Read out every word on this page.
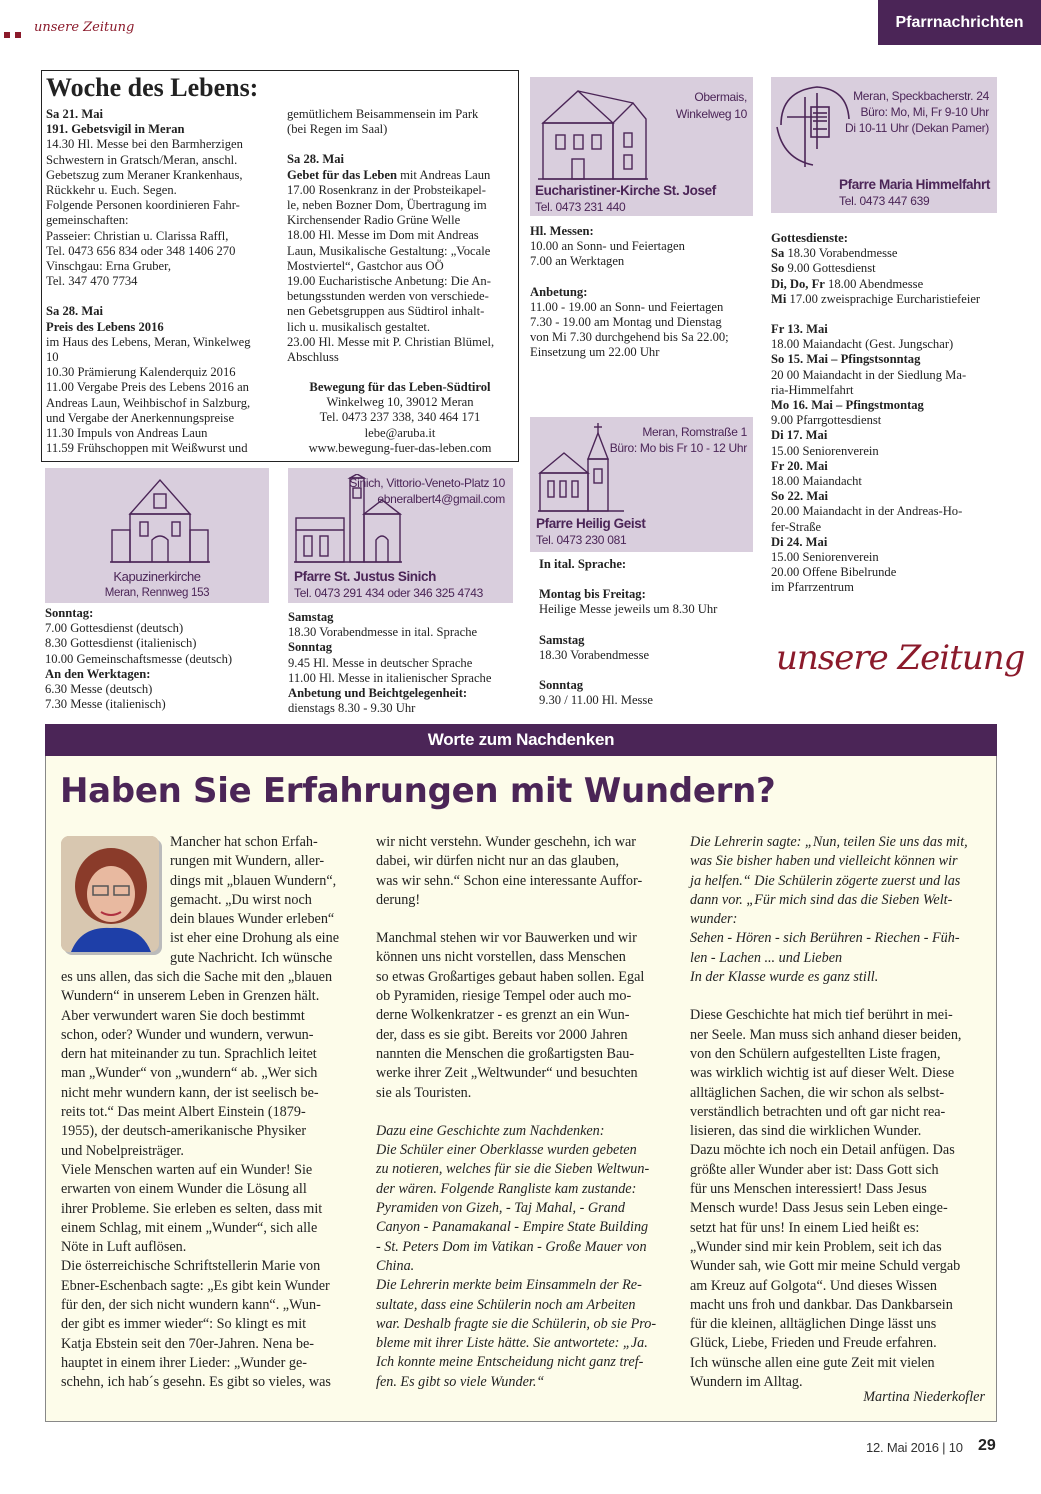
unsere Zeitung	Pfarrnachrichten
Woche des Lebens:

Sa 21. Mai

191. Gebetsvigil in Meran

14.30 Hl. Messe bei den Barmherzigen

Schwestern in Gratsch/Meran, anschl.

Gebetszug zum Meraner Krankenhaus,

Rückkehr u. Euch. Segen.

Folgende Personen koordinieren Fahr-

gemeinschaften:

Passeier: Christian u. Clarissa Raffl,

Tel. 0473 656 834 oder 348 1406 270

Vinschgau: Erna Gruber,

Tel. 347 470 7734

Sa 28. Mai

Preis des Lebens 2016

im Haus des Lebens, Meran, Winkelweg

10

10.30 Prämierung Kalenderquiz 2016

11.00 Vergabe Preis des Lebens 2016 an

Andreas Laun, Weihbischof in Salzburg,

und Vergabe der Anerkennungspreise

11.30 Impuls von Andreas Laun

11.59 Frühschoppen mit Weißwurst und

gemütlichem Beisammensein im Park

(bei Regen im Saal)

Sa 28. Mai

Gebet für das Leben mit Andreas Laun

17.00 Rosenkranz in der Probsteikapel-

le, neben Bozner Dom, Übertragung im

Kirchensender Radio Grüne Welle

18.00 Hl. Messe im Dom mit Andreas

Laun, Musikalische Gestaltung: „Vocale

Mostviertel“, Gastchor aus OÖ

19.00 Eucharistische Anbetung: Die An-

betungsstunden werden von verschiede-

nen Gebetsgruppen aus Südtirol inhalt-

lich u. musikalisch gestaltet.

23.00 Hl. Messe mit P. Christian Blümel,

Abschluss

Bewegung für das Leben-Südtirol

Winkelweg 10, 39012 Meran

Tel. 0473 237 338, 340 464 171

lebe@aruba.it

www.bewegung-fuer-das-leben.com

Obermais,
Winkelweg 10
Eucharistiner-Kirche St. Josef
Tel. 0473 231 440

Hl. Messen:

10.00 an Sonn- und Feiertagen

7.00 an Werktagen

Anbetung:

11.00 - 19.00 an Sonn- und Feiertagen

7.30 - 19.00 am Montag und Dienstag

von Mi 7.30 durchgehend bis Sa 22.00;

Einsetzung um 22.00 Uhr

Meran, Speckbacherstr. 24
Büro: Mo, Mi, Fr 9-10 Uhr
Di 10-11 Uhr (Dekan Pamer)
Pfarre Maria Himmelfahrt
Tel. 0473 447 639

Gottesdienste:

Sa 18.30 Vorabendmesse

So 9.00 Gottesdienst

Di, Do, Fr 18.00 Abendmesse

Mi 17.00 zweisprachige Eurcharistiefeier

Fr 13. Mai

18.00 Maiandacht (Gest. Jungschar)

So 15. Mai – Pfingstsonntag

20 00 Maiandacht in der Siedlung Ma-

ria-Himmelfahrt

Mo 16. Mai – Pfingstmontag

9.00 Pfarrgottesdienst

Di 17. Mai

15.00 Seniorenverein

Fr 20. Mai

18.00 Maiandacht

So 22. Mai

20.00 Maiandacht in der Andreas-Ho-

fer-Straße

Di 24. Mai

15.00 Seniorenverein

20.00 Offene Bibelrunde

im Pfarrzentrum

unsere Zeitung
Kapuzinerkirche
Meran, Rennweg 153

Sonntag:

7.00 Gottesdienst (deutsch)

8.30 Gottesdienst (italienisch)

10.00 Gemeinschaftsmesse (deutsch)

An den Werktagen:

6.30 Messe (deutsch)

7.30 Messe (italienisch)

Sinich, Vittorio-Veneto-Platz 10
ebneralbert4@gmail.com
Pfarre St. Justus Sinich
Tel. 0473 291 434 oder 346 325 4743

Samstag

18.30 Vorabendmesse in ital. Sprache

Sonntag

9.45 Hl. Messe in deutscher Sprache

11.00 Hl. Messe in italienischer Sprache

Anbetung und Beichtgelegenheit:

dienstags 8.30 - 9.30 Uhr

Meran, Romstraße 1
Büro: Mo bis Fr 10 - 12 Uhr
Pfarre Heilig Geist
Tel. 0473 230 081

In ital. Sprache:

Montag bis Freitag:

Heilige Messe jeweils um 8.30 Uhr

Samstag

18.30 Vorabendmesse

Sonntag

9.30 / 11.00 Hl. Messe

Worte zum Nachdenken
Haben Sie Erfahrungen mit Wundern?

Mancher hat schon Erfah-

rungen mit Wundern, aller-

dings mit „blauen Wundern“,

gemacht. „Du wirst noch

dein blaues Wunder erleben“

ist eher eine Drohung als eine

gute Nachricht. Ich wünsche

es uns allen, das sich die Sache mit den „blauen

Wundern“ in unserem Leben in Grenzen hält.

Aber verwundert waren Sie doch bestimmt

schon, oder? Wunder und wundern, verwun-

dern hat miteinander zu tun. Sprachlich leitet

man „Wunder“ von „wundern“ ab. „Wer sich

nicht mehr wundern kann, der ist seelisch be-

reits tot.“ Das meint Albert Einstein (1879-

1955), der deutsch-amerikanische Physiker

und Nobelpreisträger.

Viele Menschen warten auf ein Wunder! Sie

erwarten von einem Wunder die Lösung all

ihrer Probleme. Sie erleben es selten, dass mit

einem Schlag, mit einem „Wunder“, sich alle

Nöte in Luft auflösen.

Die österreichische Schriftstellerin Marie von

Ebner-Eschenbach sagte: „Es gibt kein Wunder

für den, der sich nicht wundern kann“. „Wun-

der gibt es immer wieder“: So klingt es mit

Katja Ebstein seit den 70er-Jahren. Nena be-

hauptet in einem ihrer Lieder: „Wunder ge-

schehn, ich hab´s gesehn. Es gibt so vieles, was

wir nicht verstehn. Wunder geschehn, ich war

dabei, wir dürfen nicht nur an das glauben,

was wir sehn.“ Schon eine interessante Auffor-

derung!

Manchmal stehen wir vor Bauwerken und wir

können uns nicht vorstellen, dass Menschen

so etwas Großartiges gebaut haben sollen. Egal

ob Pyramiden, riesige Tempel oder auch mo-

derne Wolkenkratzer - es grenzt an ein Wun-

der, dass es sie gibt. Bereits vor 2000 Jahren

nannten die Menschen die großartigsten Bau-

werke ihrer Zeit „Weltwunder“ und besuchten

sie als Touristen.

Dazu eine Geschichte zum Nachdenken:

Die Schüler einer Oberklasse wurden gebeten

zu notieren, welches für sie die Sieben Weltwun-

der wären. Folgende Rangliste kam zustande:

Pyramiden von Gizeh, - Taj Mahal, - Grand

Canyon - Panamakanal - Empire State Building

- St. Peters Dom im Vatikan - Große Mauer von

China.

Die Lehrerin merkte beim Einsammeln der Re-

sultate, dass eine Schülerin noch am Arbeiten

war. Deshalb fragte sie die Schülerin, ob sie Pro-

bleme mit ihrer Liste hätte. Sie antwortete: „Ja.

Ich konnte meine Entscheidung nicht ganz tref-

fen. Es gibt so viele Wunder.“

Die Lehrerin sagte: „Nun, teilen Sie uns das mit,

was Sie bisher haben und vielleicht können wir

ja helfen.“ Die Schülerin zögerte zuerst und las

dann vor. „Für mich sind das die Sieben Welt-

wunder:

Sehen - Hören - sich Berühren - Riechen - Füh-

len - Lachen ... und Lieben

In der Klasse wurde es ganz still.

Diese Geschichte hat mich tief berührt in mei-

ner Seele. Man muss sich anhand dieser beiden,

von den Schülern aufgestellten Liste fragen,

was wirklich wichtig ist auf dieser Welt. Diese

alltäglichen Sachen, die wir schon als selbst-

verständlich betrachten und oft gar nicht rea-

lisieren, das sind die wirklichen Wunder.

Dazu möchte ich noch ein Detail anfügen. Das

größte aller Wunder aber ist: Dass Gott sich

für uns Menschen interessiert! Dass Jesus

Mensch wurde! Dass Jesus sein Leben einge-

setzt hat für uns! In einem Lied heißt es:

„Wunder sind mir kein Problem, seit ich das

Wunder sah, wie Gott mir meine Schuld vergab

am Kreuz auf Golgota“. Und dieses Wissen

macht uns froh und dankbar. Das Dankbarsein

für die kleinen, alltäglichen Dinge lässt uns

Glück, Liebe, Frieden und Freude erfahren.

Ich wünsche allen eine gute Zeit mit vielen

Wundern im Alltag.

Martina Niederkofler
12. Mai 2016 | 10 29
